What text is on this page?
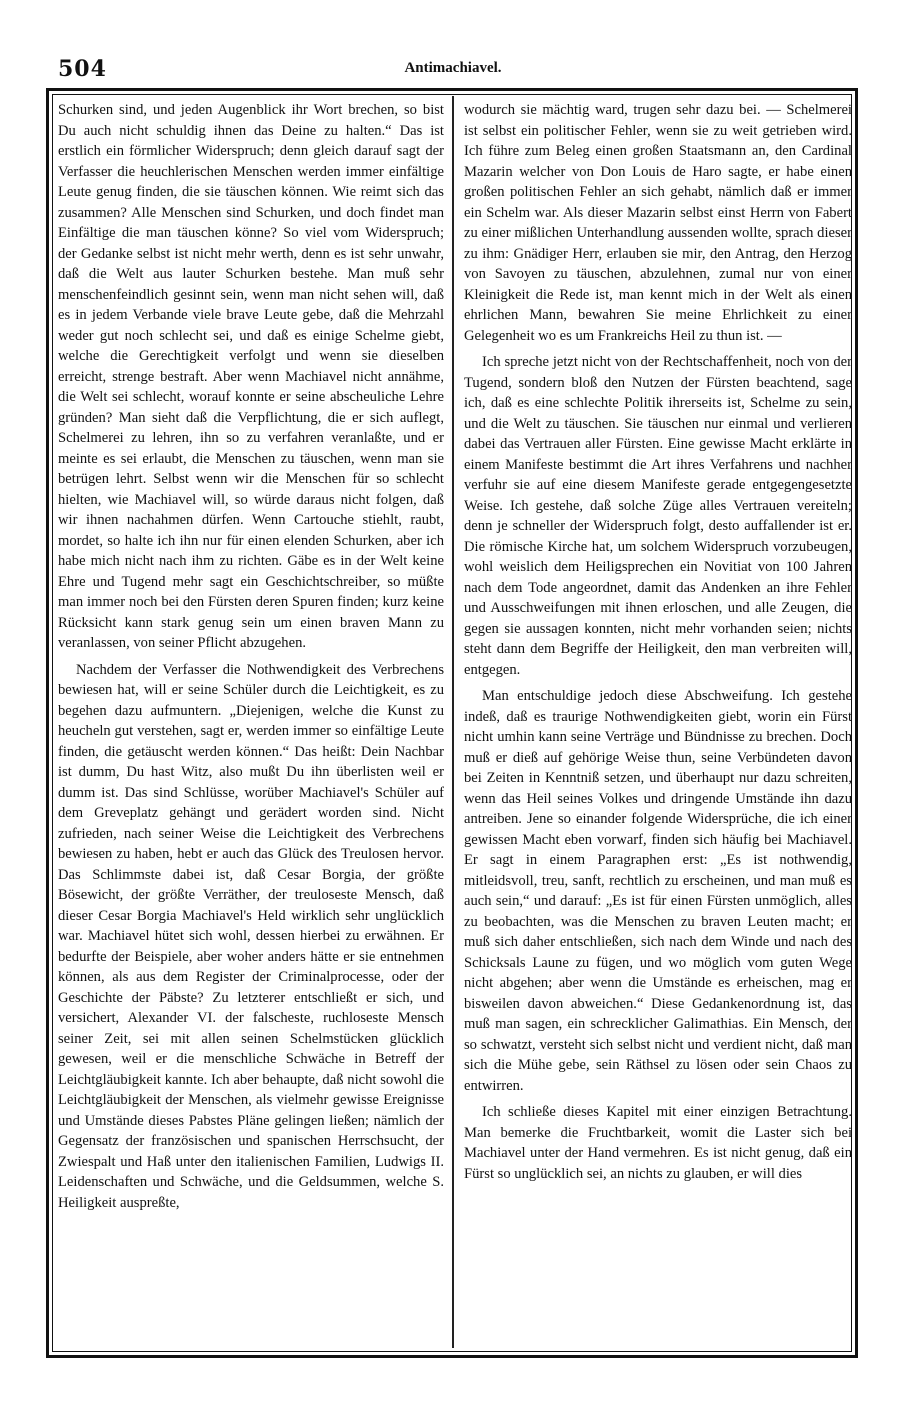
504	Antimachiavel.

Schurken sind, und jeden Augenblick ihr Wort brechen, so bist Du auch nicht schuldig ihnen das Deine zu halten.“ Das ist erstlich ein förmlicher Widerspruch; denn gleich darauf sagt der Verfasser die heuchlerischen Menschen werden immer einfältige Leute genug finden, die sie täuschen können. Wie reimt sich das zusammen? Alle Menschen sind Schurken, und doch findet man Einfältige die man täuschen könne? So viel vom Widerspruch; der Gedanke selbst ist nicht mehr werth, denn es ist sehr unwahr, daß die Welt aus lauter Schurken bestehe. Man muß sehr menschenfeindlich gesinnt sein, wenn man nicht sehen will, daß es in jedem Verbande viele brave Leute gebe, daß die Mehrzahl weder gut noch schlecht sei, und daß es einige Schelme giebt, welche die Gerechtigkeit verfolgt und wenn sie dieselben erreicht, strenge bestraft. Aber wenn Machiavel nicht annähme, die Welt sei schlecht, worauf konnte er seine abscheuliche Lehre gründen? Man sieht daß die Verpflichtung, die er sich auflegt, Schelmerei zu lehren, ihn so zu verfahren veranlaßte, und er meinte es sei erlaubt, die Menschen zu täuschen, wenn man sie betrügen lehrt. Selbst wenn wir die Menschen für so schlecht hielten, wie Machiavel will, so würde daraus nicht folgen, daß wir ihnen nachahmen dürfen. Wenn Cartouche stiehlt, raubt, mordet, so halte ich ihn nur für einen elenden Schurken, aber ich habe mich nicht nach ihm zu richten. Gäbe es in der Welt keine Ehre und Tugend mehr sagt ein Geschichtschreiber, so müßte man immer noch bei den Fürsten deren Spuren finden; kurz keine Rücksicht kann stark genug sein um einen braven Mann zu veranlassen, von seiner Pflicht abzugehen.

Nachdem der Verfasser die Nothwendigkeit des Verbrechens bewiesen hat, will er seine Schüler durch die Leichtigkeit, es zu begehen dazu aufmuntern. „Diejenigen, welche die Kunst zu heucheln gut verstehen, sagt er, werden immer so einfältige Leute finden, die getäuscht werden können.“ Das heißt: Dein Nachbar ist dumm, Du hast Witz, also mußt Du ihn überlisten weil er dumm ist. Das sind Schlüsse, worüber Machiavel's Schüler auf dem Greveplatz gehängt und gerädert worden sind. Nicht zufrieden, nach seiner Weise die Leichtigkeit des Verbrechens bewiesen zu haben, hebt er auch das Glück des Treulosen hervor. Das Schlimmste dabei ist, daß Cesar Borgia, der größte Bösewicht, der größte Verräther, der treuloseste Mensch, daß dieser Cesar Borgia Machiavel's Held wirklich sehr unglücklich war. Machiavel hütet sich wohl, dessen hierbei zu erwähnen. Er bedurfte der Beispiele, aber woher anders hätte er sie entnehmen können, als aus dem Register der Criminalprocesse, oder der Geschichte der Päbste? Zu letzterer entschließt er sich, und versichert, Alexander VI. der falscheste, ruchloseste Mensch seiner Zeit, sei mit allen seinen Schelmstücken glücklich gewesen, weil er die menschliche Schwäche in Betreff der Leichtgläubigkeit kannte. Ich aber behaupte, daß nicht sowohl die Leichtgläubigkeit der Menschen, als vielmehr gewisse Ereignisse und Umstände dieses Pabstes Pläne gelingen ließen; nämlich der Gegensatz der französischen und spanischen Herrschsucht, der Zwiespalt und Haß unter den italienischen Familien, Ludwigs II. Leidenschaften und Schwäche, und die Geldsummen, welche S. Heiligkeit auspreßte,

wodurch sie mächtig ward, trugen sehr dazu bei. — Schelmerei ist selbst ein politischer Fehler, wenn sie zu weit getrieben wird. Ich führe zum Beleg einen großen Staatsmann an, den Cardinal Mazarin welcher von Don Louis de Haro sagte, er habe einen großen politischen Fehler an sich gehabt, nämlich daß er immer ein Schelm war. Als dieser Mazarin selbst einst Herrn von Fabert zu einer mißlichen Unterhandlung aussenden wollte, sprach dieser zu ihm: Gnädiger Herr, erlauben sie mir, den Antrag, den Herzog von Savoyen zu täuschen, abzulehnen, zumal nur von einer Kleinigkeit die Rede ist, man kennt mich in der Welt als einen ehrlichen Mann, bewahren Sie meine Ehrlichkeit zu einer Gelegenheit wo es um Frankreichs Heil zu thun ist. —

Ich spreche jetzt nicht von der Rechtschaffenheit, noch von der Tugend, sondern bloß den Nutzen der Fürsten beachtend, sage ich, daß es eine schlechte Politik ihrerseits ist, Schelme zu sein, und die Welt zu täuschen. Sie täuschen nur einmal und verlieren dabei das Vertrauen aller Fürsten. Eine gewisse Macht erklärte in einem Manifeste bestimmt die Art ihres Verfahrens und nachher verfuhr sie auf eine diesem Manifeste gerade entgegengesetzte Weise. Ich gestehe, daß solche Züge alles Vertrauen vereiteln; denn je schneller der Widerspruch folgt, desto auffallender ist er. Die römische Kirche hat, um solchem Widerspruch vorzubeugen, wohl weislich dem Heiligsprechen ein Novitiat von 100 Jahren nach dem Tode angeordnet, damit das Andenken an ihre Fehler und Ausschweifungen mit ihnen erloschen, und alle Zeugen, die gegen sie aussagen konnten, nicht mehr vorhanden seien; nichts steht dann dem Begriffe der Heiligkeit, den man verbreiten will, entgegen.

Man entschuldige jedoch diese Abschweifung. Ich gestehe indeß, daß es traurige Nothwendigkeiten giebt, worin ein Fürst nicht umhin kann seine Verträge und Bündnisse zu brechen. Doch muß er dieß auf gehörige Weise thun, seine Verbündeten davon bei Zeiten in Kenntniß setzen, und überhaupt nur dazu schreiten, wenn das Heil seines Volkes und dringende Umstände ihn dazu antreiben. Jene so einander folgende Widersprüche, die ich einer gewissen Macht eben vorwarf, finden sich häufig bei Machiavel. Er sagt in einem Paragraphen erst: „Es ist nothwendig, mitleidsvoll, treu, sanft, rechtlich zu erscheinen, und man muß es auch sein,“ und darauf: „Es ist für einen Fürsten unmöglich, alles zu beobachten, was die Menschen zu braven Leuten macht; er muß sich daher entschließen, sich nach dem Winde und nach des Schicksals Laune zu fügen, und wo möglich vom guten Wege nicht abgehen; aber wenn die Umstände es erheischen, mag er bisweilen davon abweichen.“ Diese Gedankenordnung ist, das muß man sagen, ein schrecklicher Galimathias. Ein Mensch, der so schwatzt, versteht sich selbst nicht und verdient nicht, daß man sich die Mühe gebe, sein Räthsel zu lösen oder sein Chaos zu entwirren.

Ich schließe dieses Kapitel mit einer einzigen Betrachtung. Man bemerke die Fruchtbarkeit, womit die Laster sich bei Machiavel unter der Hand vermehren. Es ist nicht genug, daß ein Fürst so unglücklich sei, an nichts zu glauben, er will dies
